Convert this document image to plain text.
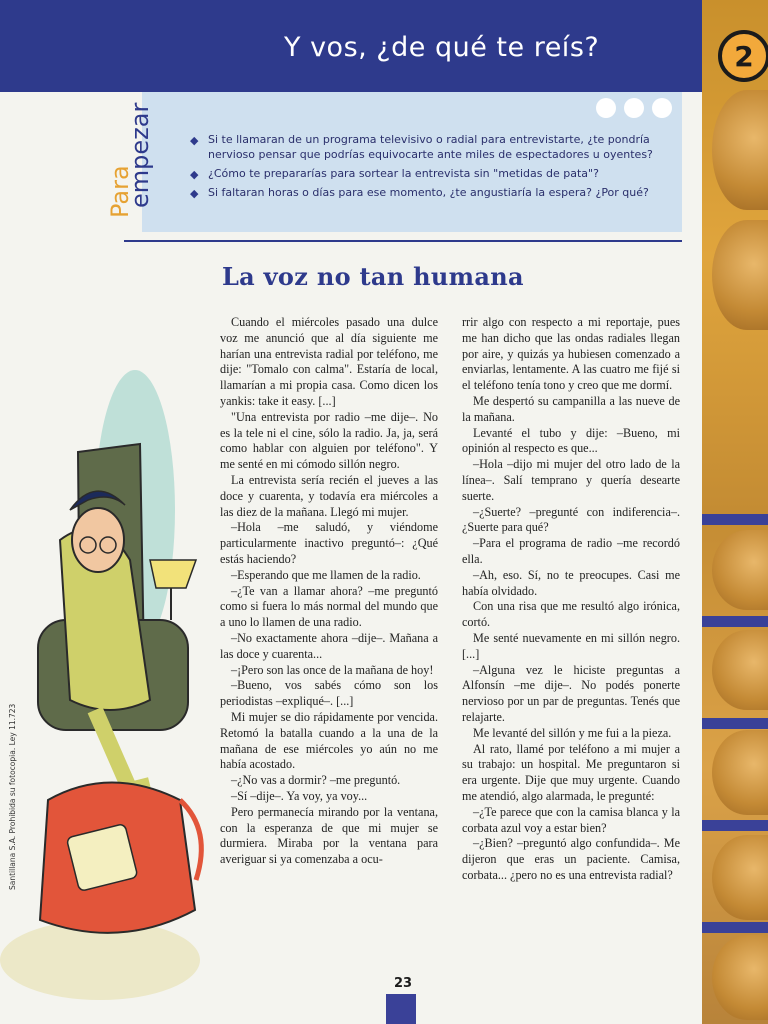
Y vos, ¿de qué te reís?	2
◆ Si te llamaran de un programa televisivo o radial para entrevistarte, ¿te pondría nervioso pensar que podrías equivocarte ante miles de espectadores u oyentes?
◆ ¿Cómo te prepararías para sortear la entrevista sin "metidas de pata"?
◆ Si faltaran horas o días para ese momento, ¿te angustiaría la espera? ¿Por qué?
Para
empezar
La voz no tan humana

Cuando el miércoles pasado una dulce voz me anunció que al día siguiente me harían una entrevista radial por teléfono, me dije: "Tomalo con calma". Estaría de local, llamarían a mi propia casa. Como dicen los yankis: take it easy. [...]

"Una entrevista por radio –me dije–. No es la tele ni el cine, sólo la radio. Ja, ja, será como hablar con alguien por teléfono". Y me senté en mi cómodo sillón negro.

La entrevista sería recién el jueves a las doce y cuarenta, y todavía era miércoles a las diez de la mañana. Llegó mi mujer.

–Hola –me saludó, y viéndome particularmente inactivo preguntó–: ¿Qué estás haciendo?

–Esperando que me llamen de la radio.

–¿Te van a llamar ahora? –me preguntó como si fuera lo más normal del mundo que a uno lo llamen de una radio.

–No exactamente ahora –dije–. Mañana a las doce y cuarenta...

–¡Pero son las once de la mañana de hoy!

–Bueno, vos sabés cómo son los periodistas –expliqué–. [...]

Mi mujer se dio rápidamente por vencida. Retomó la batalla cuando a la una de la mañana de ese miércoles yo aún no me había acostado.

–¿No vas a dormir? –me preguntó.

–Sí –dije–. Ya voy, ya voy...

Pero permanecía mirando por la ventana, con la esperanza de que mi mujer se durmiera. Miraba por la ventana para averiguar si ya comenzaba a ocu-

rrir algo con respecto a mi reportaje, pues me han dicho que las ondas radiales llegan por aire, y quizás ya hubiesen comenzado a enviarlas, lentamente. A las cuatro me fijé si el teléfono tenía tono y creo que me dormí.

Me despertó su campanilla a las nueve de la mañana.

Levanté el tubo y dije: –Bueno, mi opinión al respecto es que...

–Hola –dijo mi mujer del otro lado de la línea–. Salí temprano y quería desearte suerte.

–¿Suerte? –pregunté con indiferencia–. ¿Suerte para qué?

–Para el programa de radio –me recordó ella.

–Ah, eso. Sí, no te preocupes. Casi me había olvidado.

Con una risa que me resultó algo irónica, cortó.

Me senté nuevamente en mi sillón negro. [...]

–Alguna vez le hiciste preguntas a Alfonsín –me dije–. No podés ponerte nervioso por un par de preguntas. Tenés que relajarte.

Me levanté del sillón y me fui a la pieza.

Al rato, llamé por teléfono a mi mujer a su trabajo: un hospital. Me preguntaron si era urgente. Dije que muy urgente. Cuando me atendió, algo alarmada, le pregunté:

–¿Te parece que con la camisa blanca y la corbata azul voy a estar bien?

–¿Bien? –preguntó algo confundida–. Me dijeron que eras un paciente. Camisa, corbata... ¿pero no es una entrevista radial?

Santillana S.A. Prohibida su fotocopia. Ley 11.723
23
